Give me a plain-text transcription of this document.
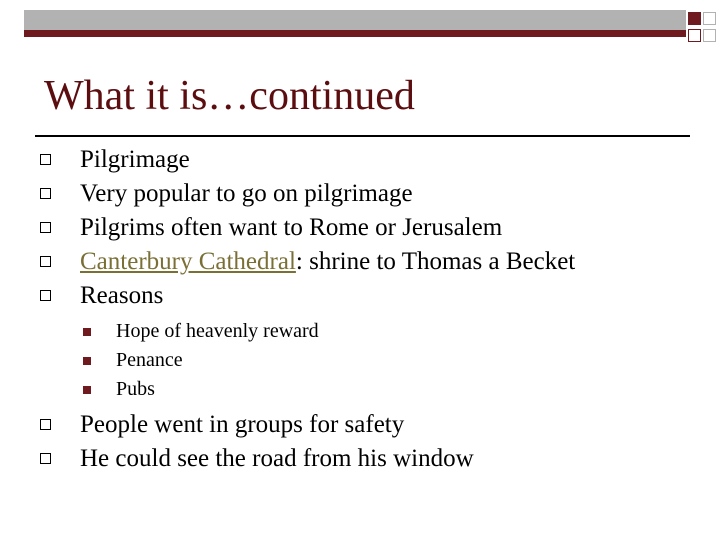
What it is…continued
Pilgrimage
Very popular to go on pilgrimage
Pilgrims often want to Rome or Jerusalem
Canterbury Cathedral: shrine to Thomas a Becket
Reasons
Hope of heavenly reward
Penance
Pubs
People went in groups for safety
He could see the road from his window
